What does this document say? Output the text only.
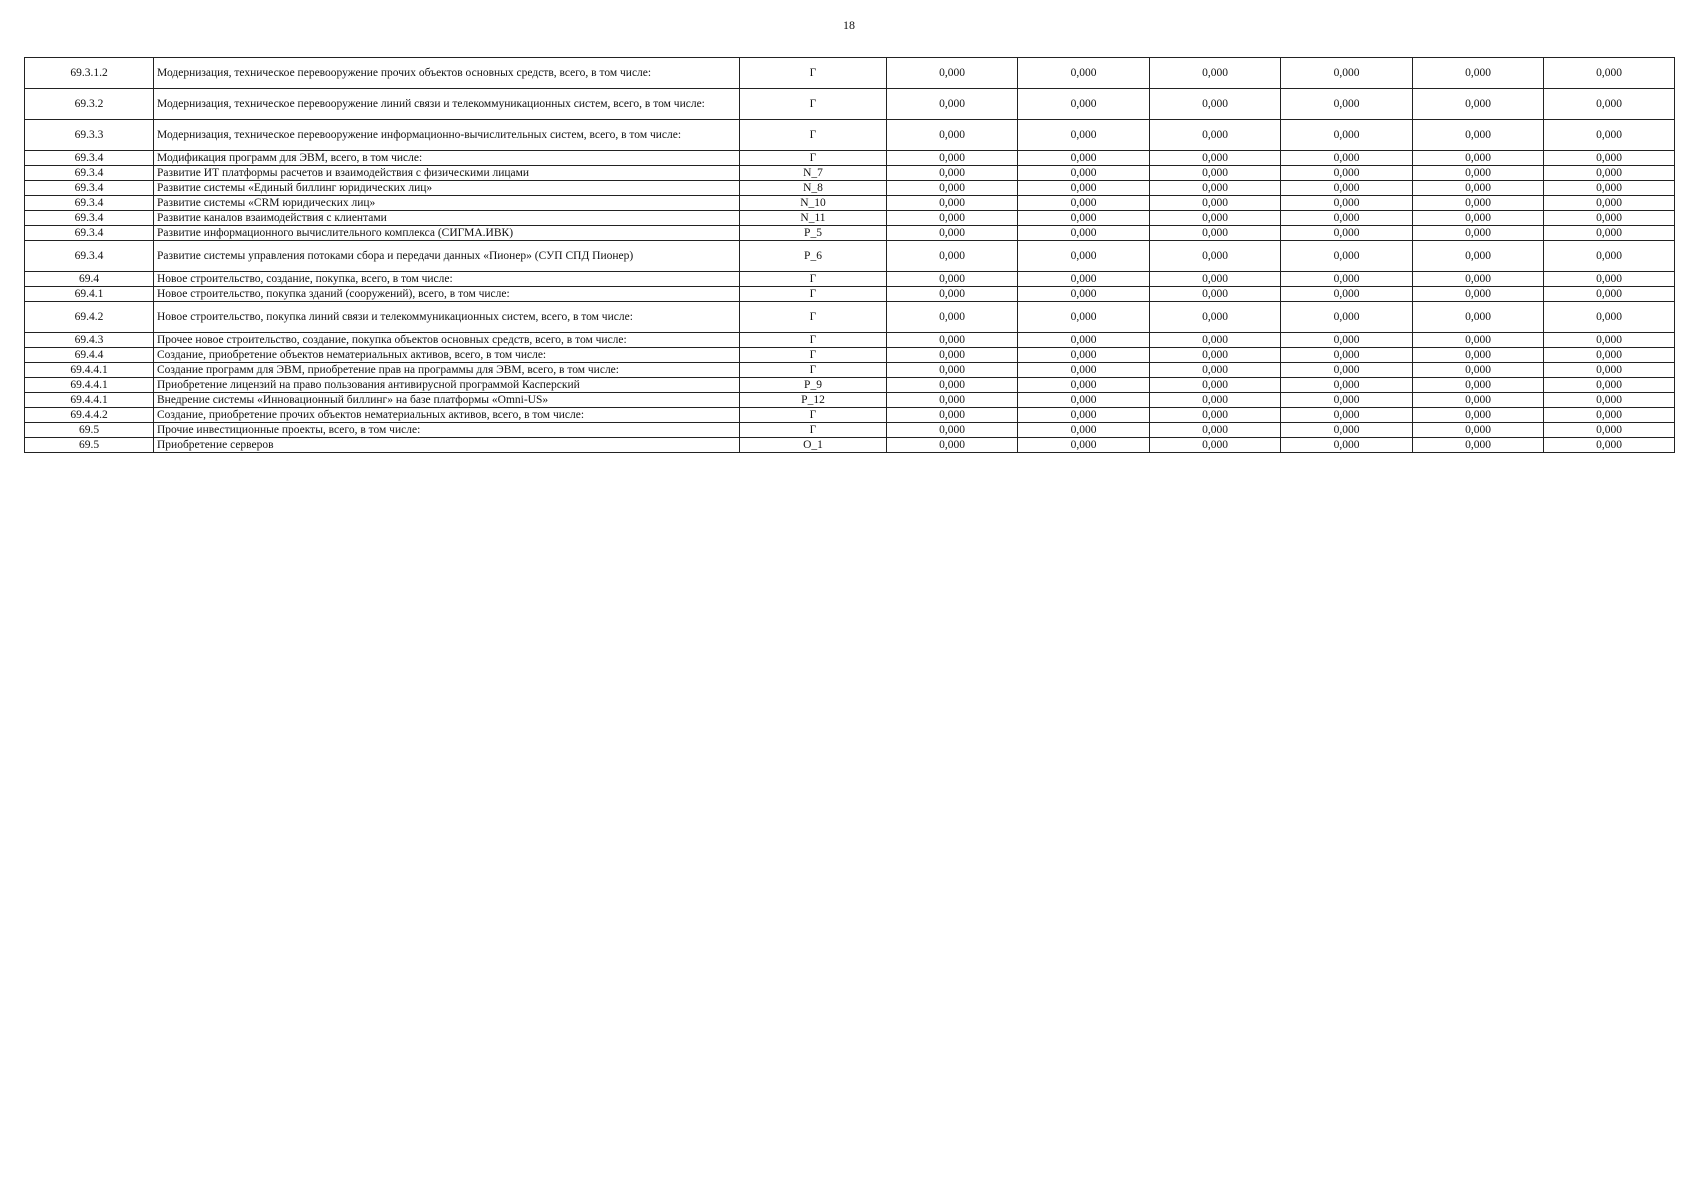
18
69.3.1.2	Модернизация, техническое перевооружение прочих объектов основных средств, всего, в том числе:	Г	0,000	0,000	0,000	0,000	0,000	0,000
69.3.2	Модернизация, техническое перевооружение линий связи и телекоммуникационных систем, всего, в том числе:	Г	0,000	0,000	0,000	0,000	0,000	0,000
69.3.3	Модернизация, техническое перевооружение информационно-вычислительных систем, всего, в том числе:	Г	0,000	0,000	0,000	0,000	0,000	0,000
69.3.4	Модификация программ для ЭВМ, всего, в том числе:	Г	0,000	0,000	0,000	0,000	0,000	0,000
69.3.4	Развитие ИТ платформы расчетов и взаимодействия с физическими лицами	N_7	0,000	0,000	0,000	0,000	0,000	0,000
69.3.4	Развитие системы «Единый биллинг юридических лиц»	N_8	0,000	0,000	0,000	0,000	0,000	0,000
69.3.4	Развитие системы «CRM юридических лиц»	N_10	0,000	0,000	0,000	0,000	0,000	0,000
69.3.4	Развитие каналов взаимодействия с клиентами	N_11	0,000	0,000	0,000	0,000	0,000	0,000
69.3.4	Развитие информационного вычислительного комплекса (СИГМА.ИВК)	P_5	0,000	0,000	0,000	0,000	0,000	0,000
69.3.4	Развитие системы управления потоками сбора и передачи данных «Пионер» (СУП СПД Пионер)	P_6	0,000	0,000	0,000	0,000	0,000	0,000
69.4	Новое строительство, создание, покупка, всего, в том числе:	Г	0,000	0,000	0,000	0,000	0,000	0,000
69.4.1	Новое строительство, покупка зданий (сооружений), всего, в том числе:	Г	0,000	0,000	0,000	0,000	0,000	0,000
69.4.2	Новое строительство, покупка линий связи и телекоммуникационных систем, всего, в том числе:	Г	0,000	0,000	0,000	0,000	0,000	0,000
69.4.3	Прочее новое строительство, создание, покупка объектов основных средств, всего, в том числе:	Г	0,000	0,000	0,000	0,000	0,000	0,000
69.4.4	Создание, приобретение объектов нематериальных активов, всего, в том числе:	Г	0,000	0,000	0,000	0,000	0,000	0,000
69.4.4.1	Создание программ для ЭВМ, приобретение прав на программы для ЭВМ, всего, в том числе:	Г	0,000	0,000	0,000	0,000	0,000	0,000
69.4.4.1	Приобретение лицензий на право пользования антивирусной программой Касперский	P_9	0,000	0,000	0,000	0,000	0,000	0,000
69.4.4.1	Внедрение системы «Инновационный биллинг» на базе платформы «Omni-US»	P_12	0,000	0,000	0,000	0,000	0,000	0,000
69.4.4.2	Создание, приобретение прочих объектов нематериальных активов, всего, в том числе:	Г	0,000	0,000	0,000	0,000	0,000	0,000
69.5	Прочие инвестиционные проекты, всего, в том числе:	Г	0,000	0,000	0,000	0,000	0,000	0,000
69.5	Приобретение серверов	O_1	0,000	0,000	0,000	0,000	0,000	0,000
